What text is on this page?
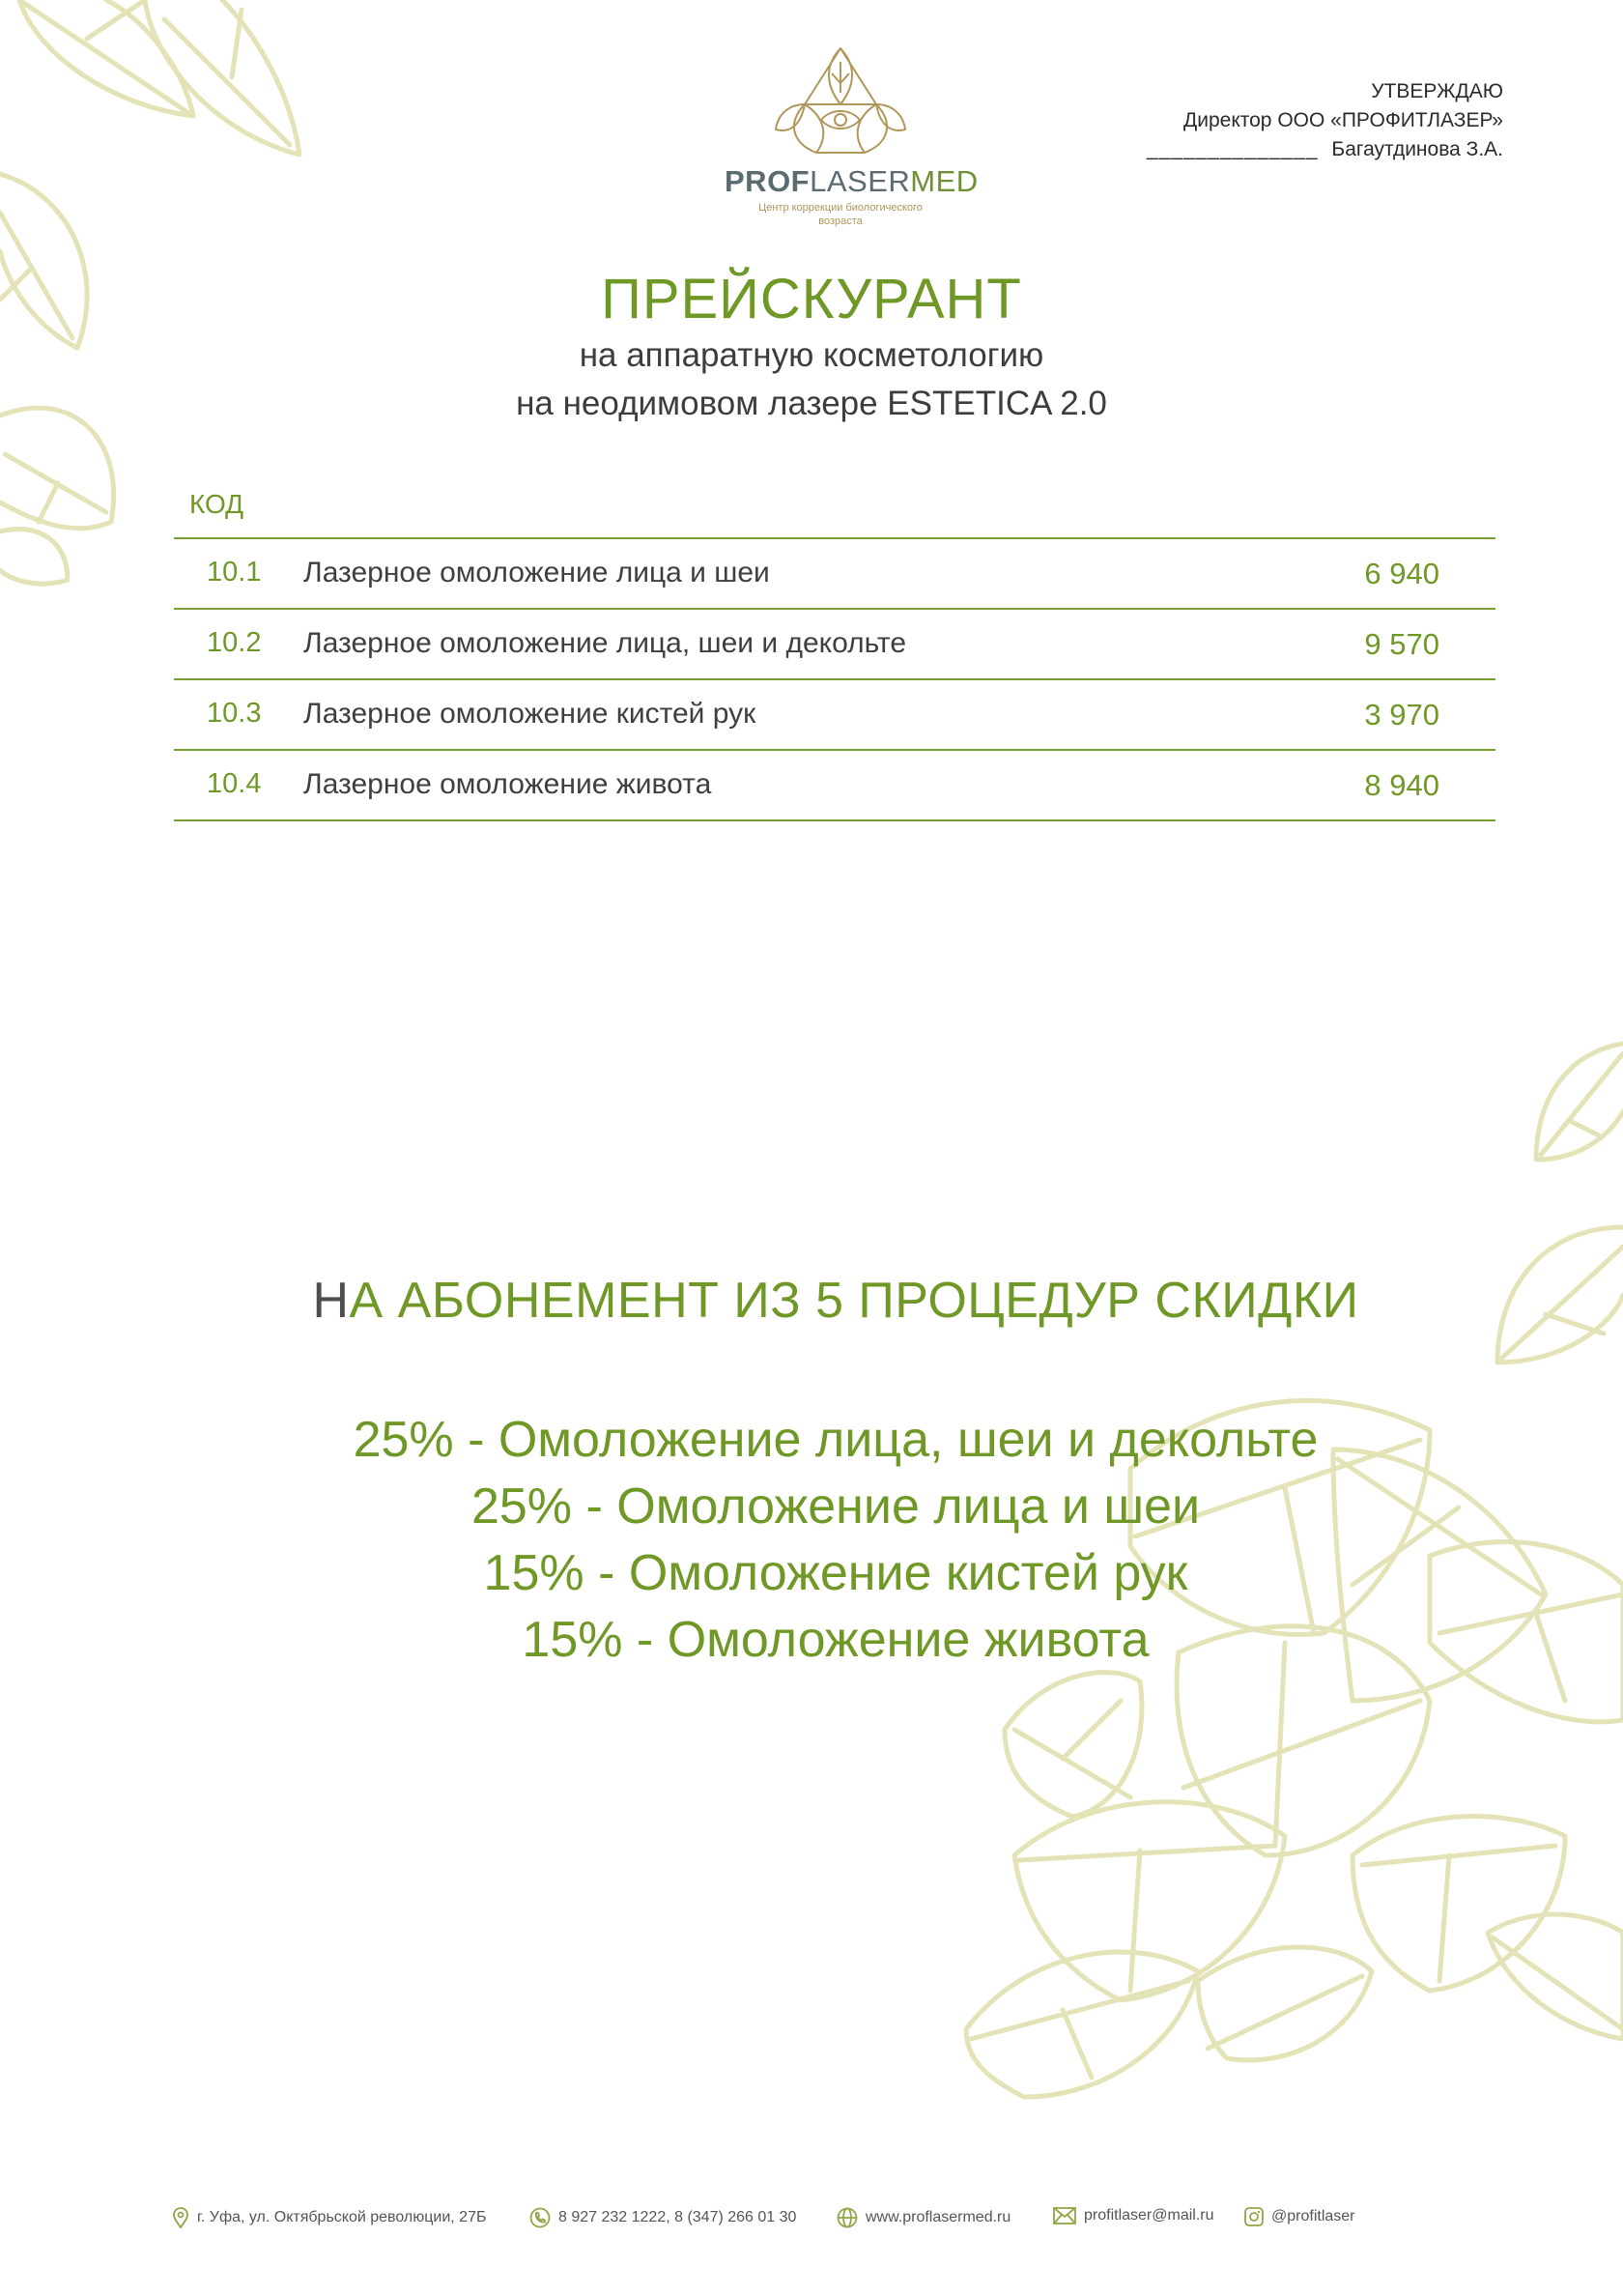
УТВЕРЖДАЮ
Директор ООО «ПРОФИТЛАЗЕР»
______________ Багаутдинова З.А.
PROFLASERMED
Центр коррекции биологического
возраста
ПРЕЙСКУРАНТ
на аппаратную косметологию
на неодимовом лазере ESTETICA 2.0
КОД
10.1 Лазерное омоложение лица и шеи	6 940
10.2 Лазерное омоложение лица, шеи и декольте	9 570
10.3 Лазерное омоложение кистей рук	3 970
10.4 Лазерное омоложение живота	8 940
НА АБОНЕМЕНТ ИЗ 5 ПРОЦЕДУР СКИДКИ
25% - Омоложение лица, шеи и декольте
25% - Омоложение лица и шеи
15% - Омоложение кистей рук
15% - Омоложение живота
г. Уфа, ул. Октябрьской революции, 27Б	8 927 232 1222, 8 (347) 266 01 30	www.proflasermed.ru	profitlaser@mail.ru	@profitlaser
